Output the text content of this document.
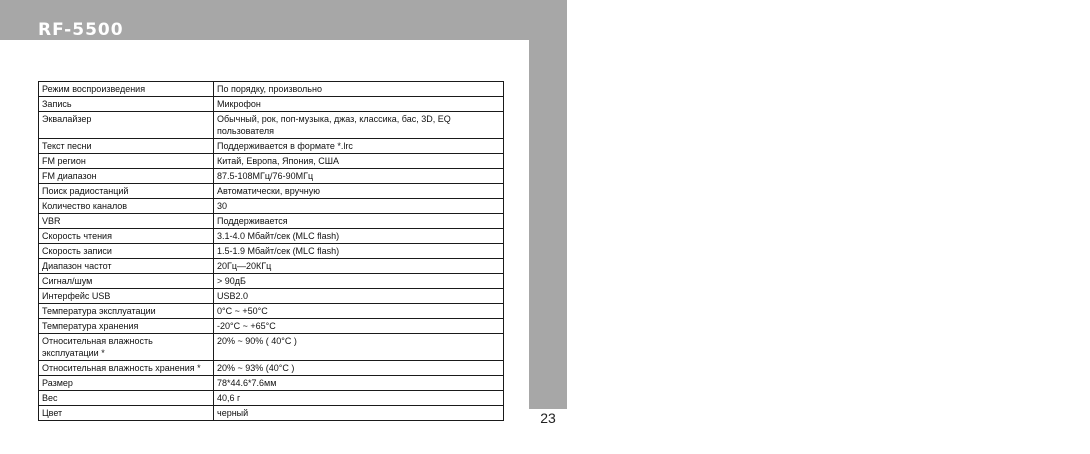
RF-5500
Ritmix
23
Режим воспроизведения	По порядку, произвольно
Запись	Микрофон
Эквалайзер	Обычный, рок, поп-музыка, джаз, классика, бас, 3D, EQ пользователя
Текст песни	Поддерживается в формате *.lrc
FM регион	Китай, Европа, Япония, США
FM диапазон	87.5-108МГц/76-90МГц
Поиск радиостанций	Автоматически, вручную
Количество каналов	30
VBR	Поддерживается
Скорость чтения	3.1-4.0 Мбайт/сек (MLC flash)
Скорость записи	1.5-1.9 Мбайт/сек (MLC flash)
Диапазон частот	20Гц—20КГц
Сигнал/шум	> 90дБ
Интерфейс USB	USB2.0
Температура эксплуатации	0°С ~ +50°С
Температура хранения	-20°С ~ +65°С
Относительная влажность эксплуатации *	20% ~ 90% ( 40°С )
Относительная влажность хранения *	20% ~ 93% (40°С )
Размер	78*44.6*7.6мм
Вес	40,6 г
Цвет	черный
